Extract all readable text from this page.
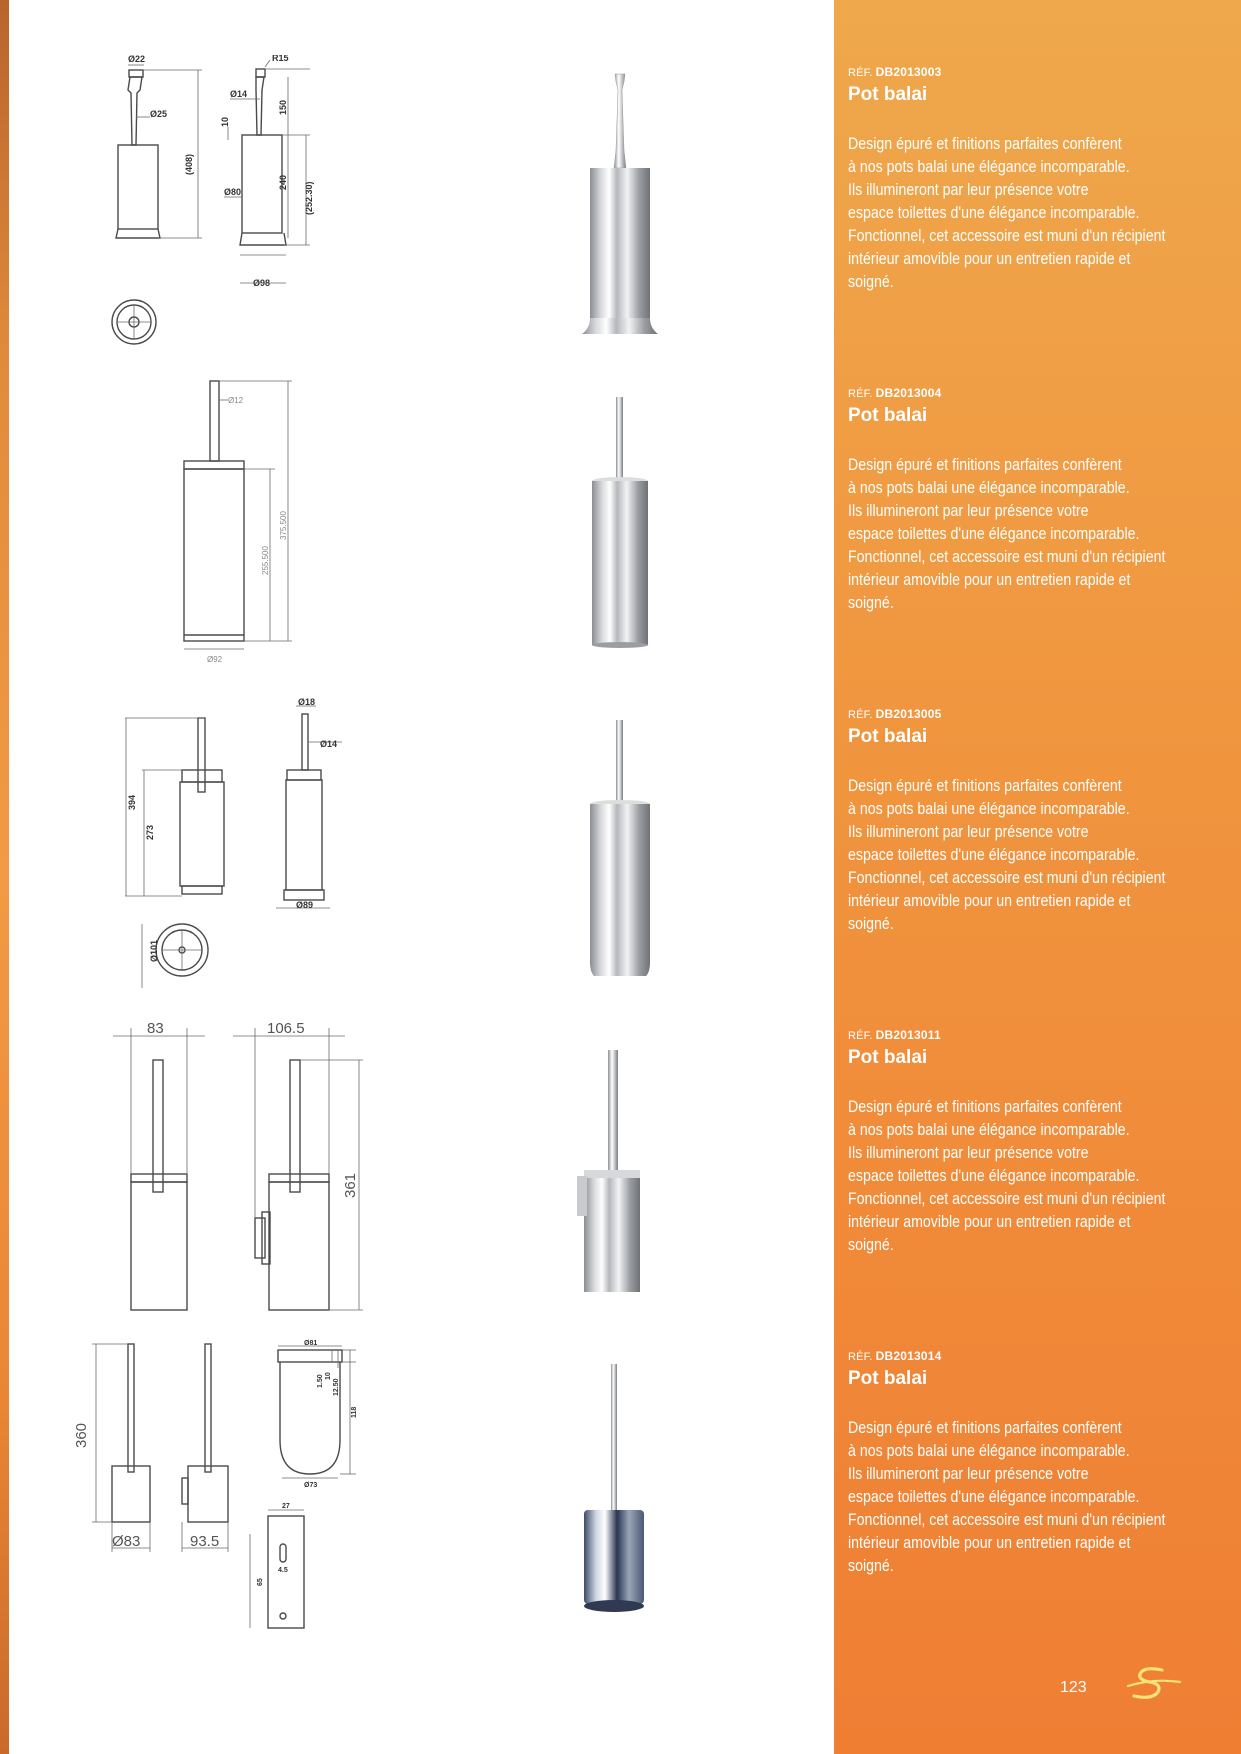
Ø22
Ø25
(408)
R15
Ø14
150
10
240 (252.30)
Ø80
Ø98
Ø12
375.500
255.500
Ø92
394
273
Ø18
Ø14
Ø89
Ø101
83	106.5
361
360
Ø83	93.5
Ø81
1.50 10
12.50
118
Ø73
27
65
4.5
RÉF. DB2013003
Pot balai
Design épuré et finitions parfaites confèrent
à nos pots balai une élégance incomparable.
Ils illumineront par leur présence votre
espace toilettes d'une élégance incomparable.
Fonctionnel, cet accessoire est muni d'un récipient
intérieur amovible pour un entretien rapide et
soigné.
RÉF. DB2013004
Pot balai
Design épuré et finitions parfaites confèrent
à nos pots balai une élégance incomparable.
Ils illumineront par leur présence votre
espace toilettes d'une élégance incomparable.
Fonctionnel, cet accessoire est muni d'un récipient
intérieur amovible pour un entretien rapide et
soigné.
RÉF. DB2013005
Pot balai
Design épuré et finitions parfaites confèrent
à nos pots balai une élégance incomparable.
Ils illumineront par leur présence votre
espace toilettes d'une élégance incomparable.
Fonctionnel, cet accessoire est muni d'un récipient
intérieur amovible pour un entretien rapide et
soigné.
RÉF. DB2013011
Pot balai
Design épuré et finitions parfaites confèrent
à nos pots balai une élégance incomparable.
Ils illumineront par leur présence votre
espace toilettes d'une élégance incomparable.
Fonctionnel, cet accessoire est muni d'un récipient
intérieur amovible pour un entretien rapide et
soigné.
RÉF. DB2013014
Pot balai
Design épuré et finitions parfaites confèrent
à nos pots balai une élégance incomparable.
Ils illumineront par leur présence votre
espace toilettes d'une élégance incomparable.
Fonctionnel, cet accessoire est muni d'un récipient
intérieur amovible pour un entretien rapide et
soigné.
123
